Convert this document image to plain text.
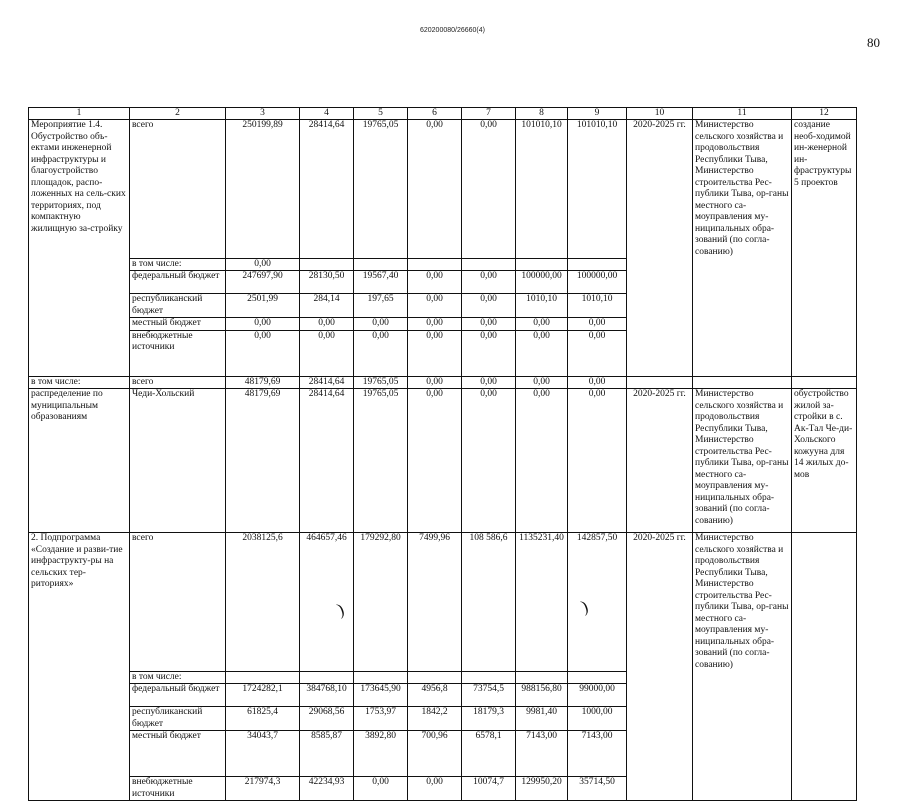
620200080/26660(4)
80
1	2	3	4	5	6	7	8	9	10	11	12
Мероприятие 1.4. Обустройство объ-ектами инженерной инфраструктуры и благоустройство площадок, распо-ложенных на сель-ских территориях, под компактную жилищную за-стройку	всего	250199,89	28414,64	19765,05	0,00	0,00	101010,10	101010,10	2020-2025 гг.	Министерство сельского хозяйства и продовольствия Республики Тыва, Министерство строительства Рес-публики Тыва, ор-ганы местного са-моуправления му-ниципальных обра-зований (по согла-сованию)	создание необ-ходимой ин-женерной ин-фраструктуры 5 проектов
	в том числе:	0,00									
	федеральный бюджет	247697,90	28130,50	19567,40	0,00	0,00	100000,00	100000,00			
	республиканский бюджет	2501,99	284,14	197,65	0,00	0,00	1010,10	1010,10			
	местный бюджет	0,00	0,00	0,00	0,00	0,00	0,00	0,00			
	внебюджетные источники	0,00	0,00	0,00	0,00	0,00	0,00	0,00			
в том числе:	всего	48179,69	28414,64	19765,05	0,00	0,00	0,00	0,00			
распределение по муниципальным образованиям	Чеди-Хольский	48179,69	28414,64	19765,05	0,00	0,00	0,00	0,00	2020-2025 гг.	Министерство сельского хозяйства и продовольствия Республики Тыва, Министерство строительства Рес-публики Тыва, ор-ганы местного са-моуправления му-ниципальных обра-зований (по согла-сованию)	обустройство жилой за-стройки в с. Ак-Тал Че-ди-Хольского кожууна для 14 жилых до-мов
2. Подпрограмма «Создание и разви-тие инфраструкту-ры на сельских тер-риториях»	всего	2038125,6	464657,46	179292,80	7499,96	108 586,6	1135231,40	142857,50	2020-2025 гг.	Министерство сельского хозяйства и продовольствия Республики Тыва, Министерство строительства Рес-публики Тыва, ор-ганы местного са-моуправления му-ниципальных обра-зований (по согла-сованию)	
	в том числе:										
	федеральный бюджет	1724282,1	384768,10	173645,90	4956,8	73754,5	988156,80	99000,00			
	республиканский бюджет	61825,4	29068,56	1753,97	1842,2	18179,3	9981,40	1000,00			
	местный бюджет	34043,7	8585,87	3892,80	700,96	6578,1	7143,00	7143,00			
	внебюджетные источники	217974,3	42234,93	0,00	0,00	10074,7	129950,20	35714,50			
)	)
